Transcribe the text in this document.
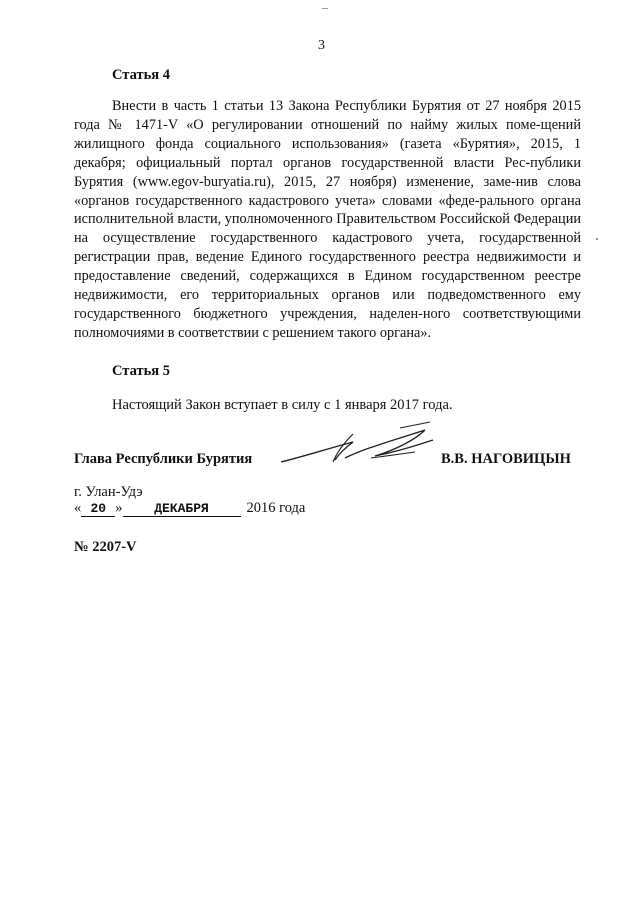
–
3
Статья 4

Внести в часть 1 статьи 13 Закона Республики Бурятия от 27 ноября 2015 года № 1471-V «О регулировании отношений по найму жилых поме-щений жилищного фонда социального использования» (газета «Бурятия», 2015, 1 декабря; официальный портал органов государственной власти Рес-публики Бурятия (www.egov-buryatia.ru), 2015, 27 ноября) изменение, заме-нив слова «органов государственного кадастрового учета» словами «феде-рального органа исполнительной власти, уполномоченного Правительством Российской Федерации на осуществление государственного кадастрового учета, государственной регистрации прав, ведение Единого государственного реестра недвижимости и предоставление сведений, содержащихся в Едином государственном реестре недвижимости, его территориальных органов или подведомственного ему государственного бюджетного учреждения, наделен-ного соответствующими полномочиями в соответствии с решением такого органа».

Статья 5

Настоящий Закон вступает в силу с 1 января 2017 года.

Глава Республики Бурятия	В.В. НАГОВИЦЫН
г. Улан-Удэ
« 20 » ДЕКАБРЯ	2016 года
№ 2207-V
